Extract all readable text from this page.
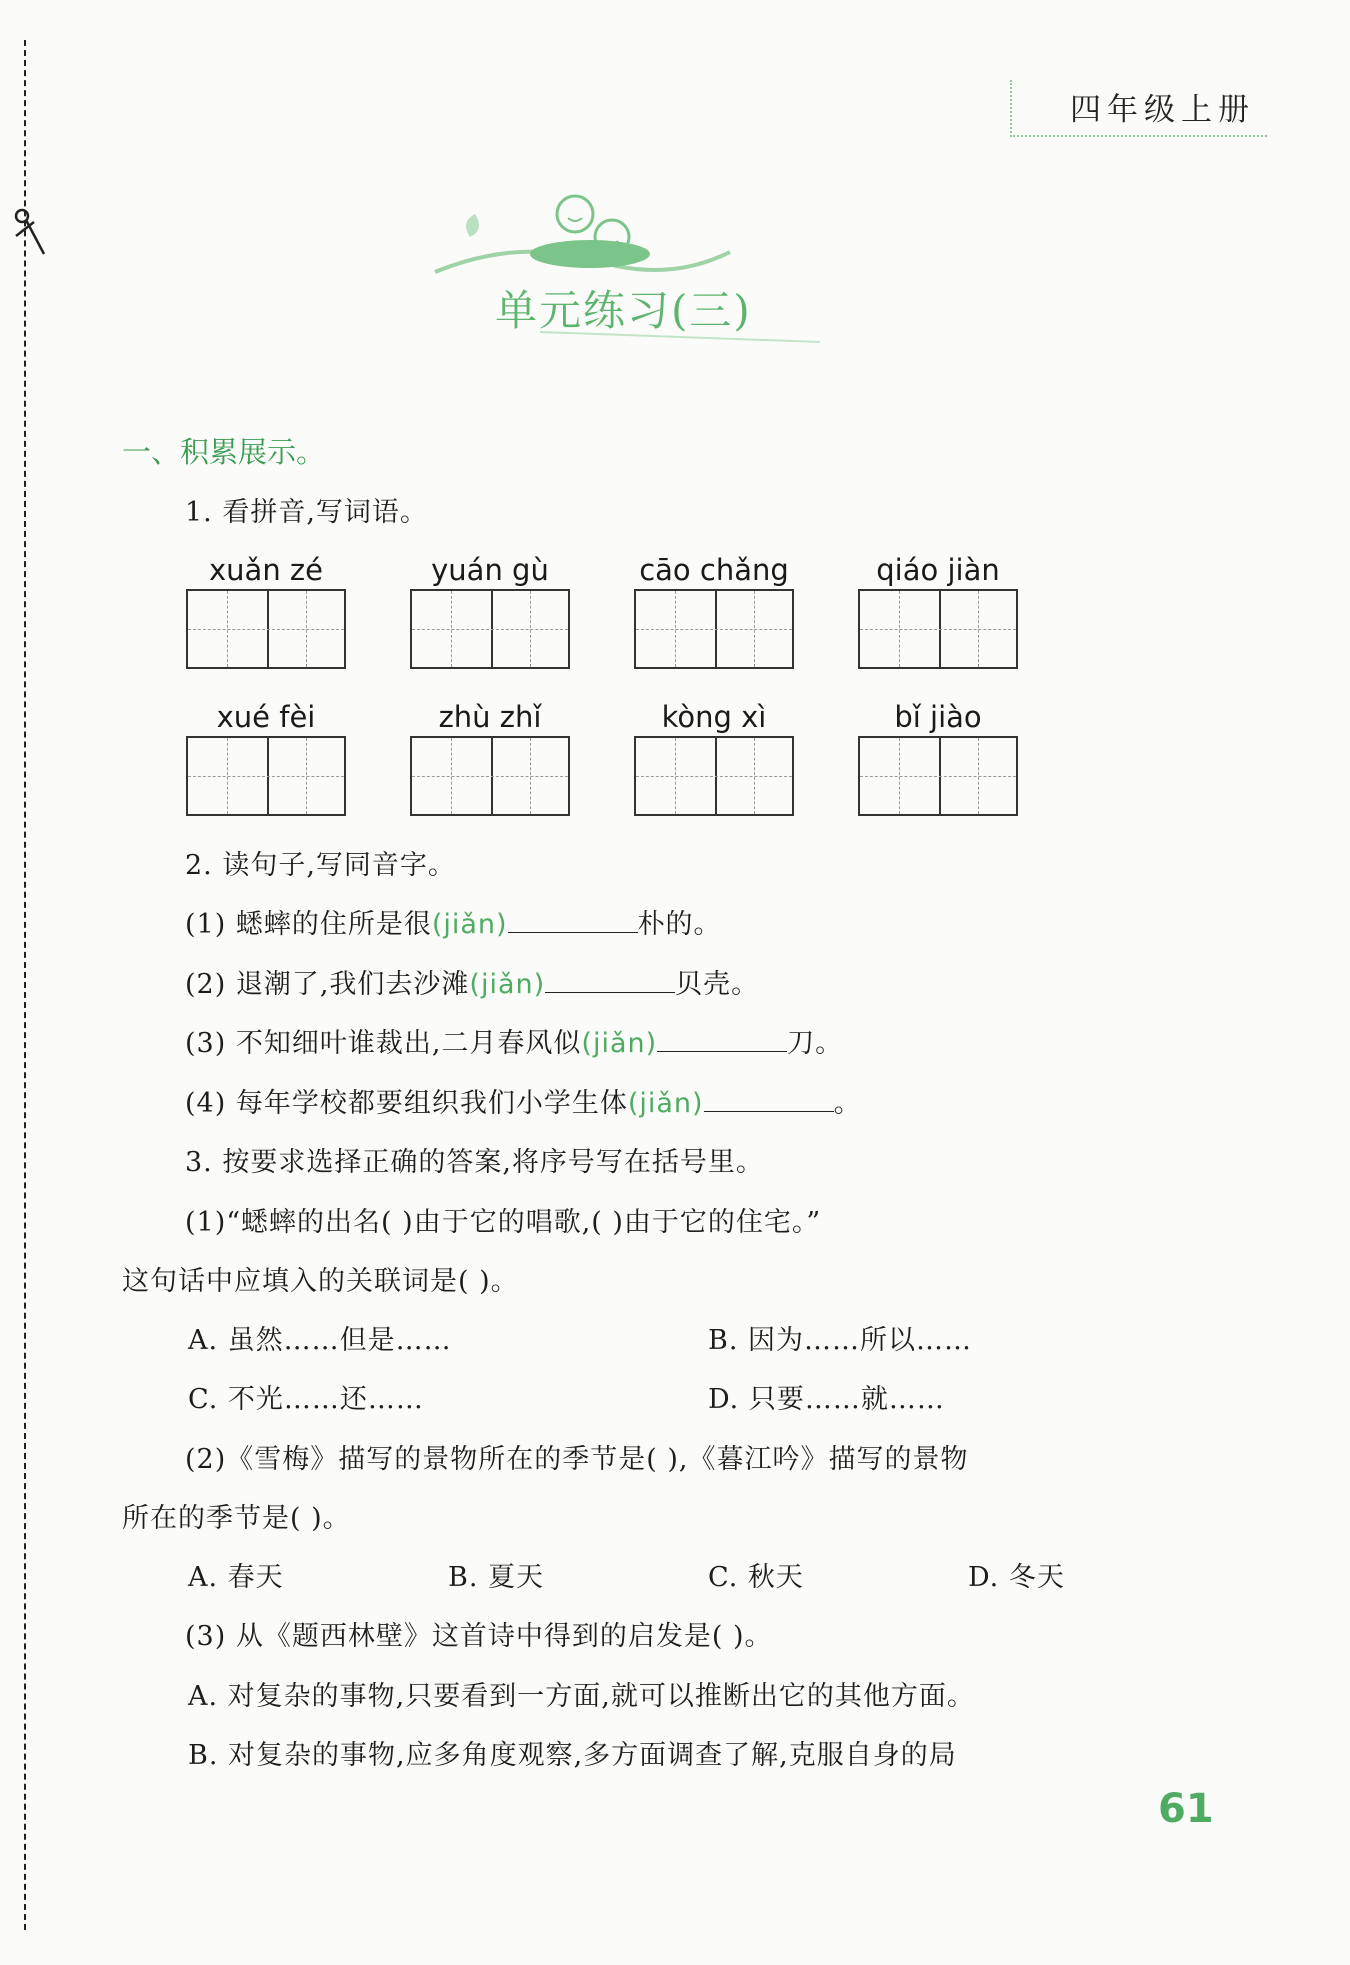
四年级上册
单元练习(三)
一、积累展示。
1. 看拼音,写词语。
xuǎn zé	yuán gù	cāo chǎng	qiáo jiàn
xué fèi	zhù zhǐ	kòng xì	bǐ jiào
2. 读句子,写同音字。
(1) 蟋蟀的住所是很(jiǎn)	朴的。
(2) 退潮了,我们去沙滩(jiǎn)	贝壳。
(3) 不知细叶谁裁出,二月春风似(jiǎn)	刀。
(4) 每年学校都要组织我们小学生体(jiǎn)	。
3. 按要求选择正确的答案,将序号写在括号里。
(1)“蟋蟀的出名( )由于它的唱歌,( )由于它的住宅。”
这句话中应填入的关联词是( )。
A. 虽然……但是……	B. 因为……所以……
C. 不光……还……	D. 只要……就……
(2)《雪梅》描写的景物所在的季节是( ),《暮江吟》描写的景物
所在的季节是( )。
A. 春天	B. 夏天	C. 秋天	D. 冬天
(3) 从《题西林壁》这首诗中得到的启发是( )。
A. 对复杂的事物,只要看到一方面,就可以推断出它的其他方面。
B. 对复杂的事物,应多角度观察,多方面调查了解,克服自身的局
61
